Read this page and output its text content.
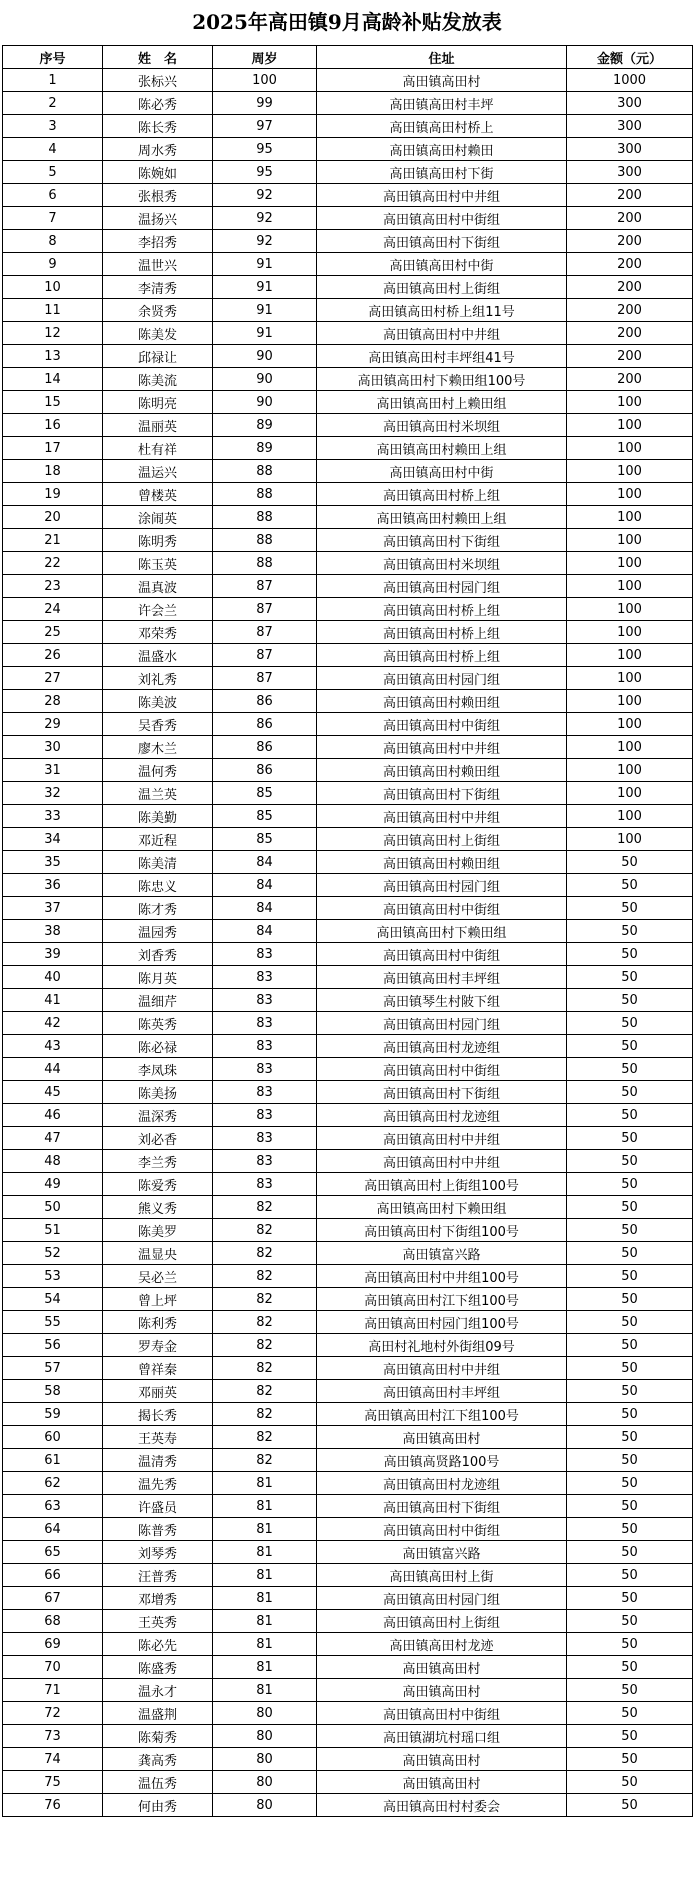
2025年高田镇9月高龄补贴发放表
序号	姓　名	周岁	住址	金额（元）
1	张标兴	100	高田镇高田村	1000
2	陈必秀	99	高田镇高田村丰坪	300
3	陈长秀	97	高田镇高田村桥上	300
4	周水秀	95	高田镇高田村赖田	300
5	陈婉如	95	高田镇高田村下街	300
6	张根秀	92	高田镇高田村中井组	200
7	温扬兴	92	高田镇高田村中街组	200
8	李招秀	92	高田镇高田村下街组	200
9	温世兴	91	高田镇高田村中街	200
10	李清秀	91	高田镇高田村上街组	200
11	余贤秀	91	高田镇高田村桥上组11号	200
12	陈美发	91	高田镇高田村中井组	200
13	邱禄让	90	高田镇高田村丰坪组41号	200
14	陈美流	90	高田镇高田村下赖田组100号	200
15	陈明亮	90	高田镇高田村上赖田组	100
16	温丽英	89	高田镇高田村米坝组	100
17	杜有祥	89	高田镇高田村赖田上组	100
18	温运兴	88	高田镇高田村中街	100
19	曾楼英	88	高田镇高田村桥上组	100
20	涂闹英	88	高田镇高田村赖田上组	100
21	陈明秀	88	高田镇高田村下街组	100
22	陈玉英	88	高田镇高田村米坝组	100
23	温真波	87	高田镇高田村园门组	100
24	许会兰	87	高田镇高田村桥上组	100
25	邓荣秀	87	高田镇高田村桥上组	100
26	温盛水	87	高田镇高田村桥上组	100
27	刘礼秀	87	高田镇高田村园门组	100
28	陈美波	86	高田镇高田村赖田组	100
29	吴香秀	86	高田镇高田村中街组	100
30	廖木兰	86	高田镇高田村中井组	100
31	温何秀	86	高田镇高田村赖田组	100
32	温兰英	85	高田镇高田村下街组	100
33	陈美勤	85	高田镇高田村中井组	100
34	邓近程	85	高田镇高田村上街组	100
35	陈美清	84	高田镇高田村赖田组	50
36	陈忠义	84	高田镇高田村园门组	50
37	陈才秀	84	高田镇高田村中街组	50
38	温园秀	84	高田镇高田村下赖田组	50
39	刘香秀	83	高田镇高田村中街组	50
40	陈月英	83	高田镇高田村丰坪组	50
41	温细芹	83	高田镇琴生村陂下组	50
42	陈英秀	83	高田镇高田村园门组	50
43	陈必禄	83	高田镇高田村龙迹组	50
44	李凤珠	83	高田镇高田村中街组	50
45	陈美扬	83	高田镇高田村下街组	50
46	温深秀	83	高田镇高田村龙迹组	50
47	刘必香	83	高田镇高田村中井组	50
48	李兰秀	83	高田镇高田村中井组	50
49	陈爱秀	83	高田镇高田村上街组100号	50
50	熊义秀	82	高田镇高田村下赖田组	50
51	陈美罗	82	高田镇高田村下街组100号	50
52	温显央	82	高田镇富兴路	50
53	吴必兰	82	高田镇高田村中井组100号	50
54	曾上坪	82	高田镇高田村江下组100号	50
55	陈利秀	82	高田镇高田村园门组100号	50
56	罗寿金	82	高田村礼地村外街组09号	50
57	曾祥秦	82	高田镇高田村中井组	50
58	邓丽英	82	高田镇高田村丰坪组	50
59	揭长秀	82	高田镇高田村江下组100号	50
60	王英寿	82	高田镇高田村	50
61	温清秀	82	高田镇高贤路100号	50
62	温先秀	81	高田镇高田村龙迹组	50
63	许盛员	81	高田镇高田村下街组	50
64	陈普秀	81	高田镇高田村中街组	50
65	刘琴秀	81	高田镇富兴路	50
66	汪普秀	81	高田镇高田村上街	50
67	邓增秀	81	高田镇高田村园门组	50
68	王英秀	81	高田镇高田村上街组	50
69	陈必先	81	高田镇高田村龙迹	50
70	陈盛秀	81	高田镇高田村	50
71	温永才	81	高田镇高田村	50
72	温盛荆	80	高田镇高田村中街组	50
73	陈菊秀	80	高田镇湖坑村瑶口组	50
74	龚高秀	80	高田镇高田村	50
75	温伍秀	80	高田镇高田村	50
76	何由秀	80	高田镇高田村村委会	50
